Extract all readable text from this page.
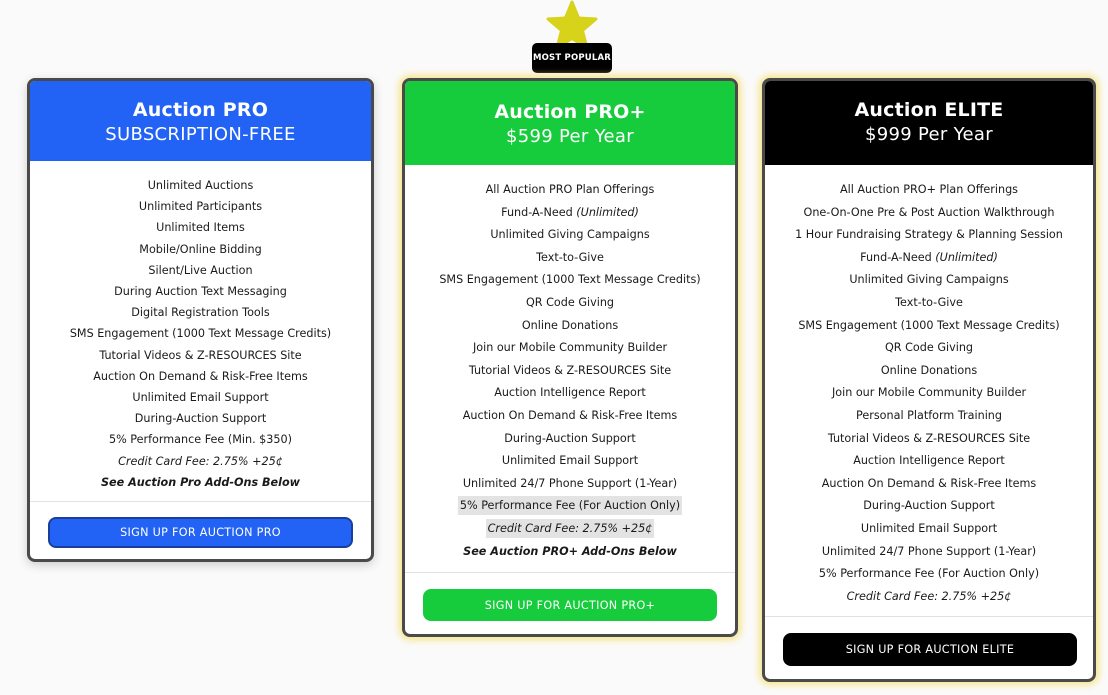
MOST POPULAR
Auction PRO
SUBSCRIPTION-FREE
Unlimited Auctions
Unlimited Participants
Unlimited Items
Mobile/Online Bidding
Silent/Live Auction
During Auction Text Messaging
Digital Registration Tools
SMS Engagement (1000 Text Message Credits)
Tutorial Videos & Z-RESOURCES Site
Auction On Demand & Risk-Free Items
Unlimited Email Support
During-Auction Support
5% Performance Fee (Min. $350)
Credit Card Fee: 2.75% +25¢
See Auction Pro Add-Ons Below
SIGN UP FOR AUCTION PRO
Auction PRO+
$599 Per Year
All Auction PRO Plan Offerings
Fund-A-Need (Unlimited)
Unlimited Giving Campaigns
Text-to-Give
SMS Engagement (1000 Text Message Credits)
QR Code Giving
Online Donations
Join our Mobile Community Builder
Tutorial Videos & Z-RESOURCES Site
Auction Intelligence Report
Auction On Demand & Risk-Free Items
During-Auction Support
Unlimited Email Support
Unlimited 24/7 Phone Support (1-Year)
5% Performance Fee (For Auction Only)
Credit Card Fee: 2.75% +25¢
See Auction PRO+ Add-Ons Below
SIGN UP FOR AUCTION PRO+
Auction ELITE
$999 Per Year
All Auction PRO+ Plan Offerings
One-On-One Pre & Post Auction Walkthrough
1 Hour Fundraising Strategy & Planning Session
Fund-A-Need (Unlimited)
Unlimited Giving Campaigns
Text-to-Give
SMS Engagement (1000 Text Message Credits)
QR Code Giving
Online Donations
Join our Mobile Community Builder
Personal Platform Training
Tutorial Videos & Z-RESOURCES Site
Auction Intelligence Report
Auction On Demand & Risk-Free Items
During-Auction Support
Unlimited Email Support
Unlimited 24/7 Phone Support (1-Year)
5% Performance Fee (For Auction Only)
Credit Card Fee: 2.75% +25¢
SIGN UP FOR AUCTION ELITE
